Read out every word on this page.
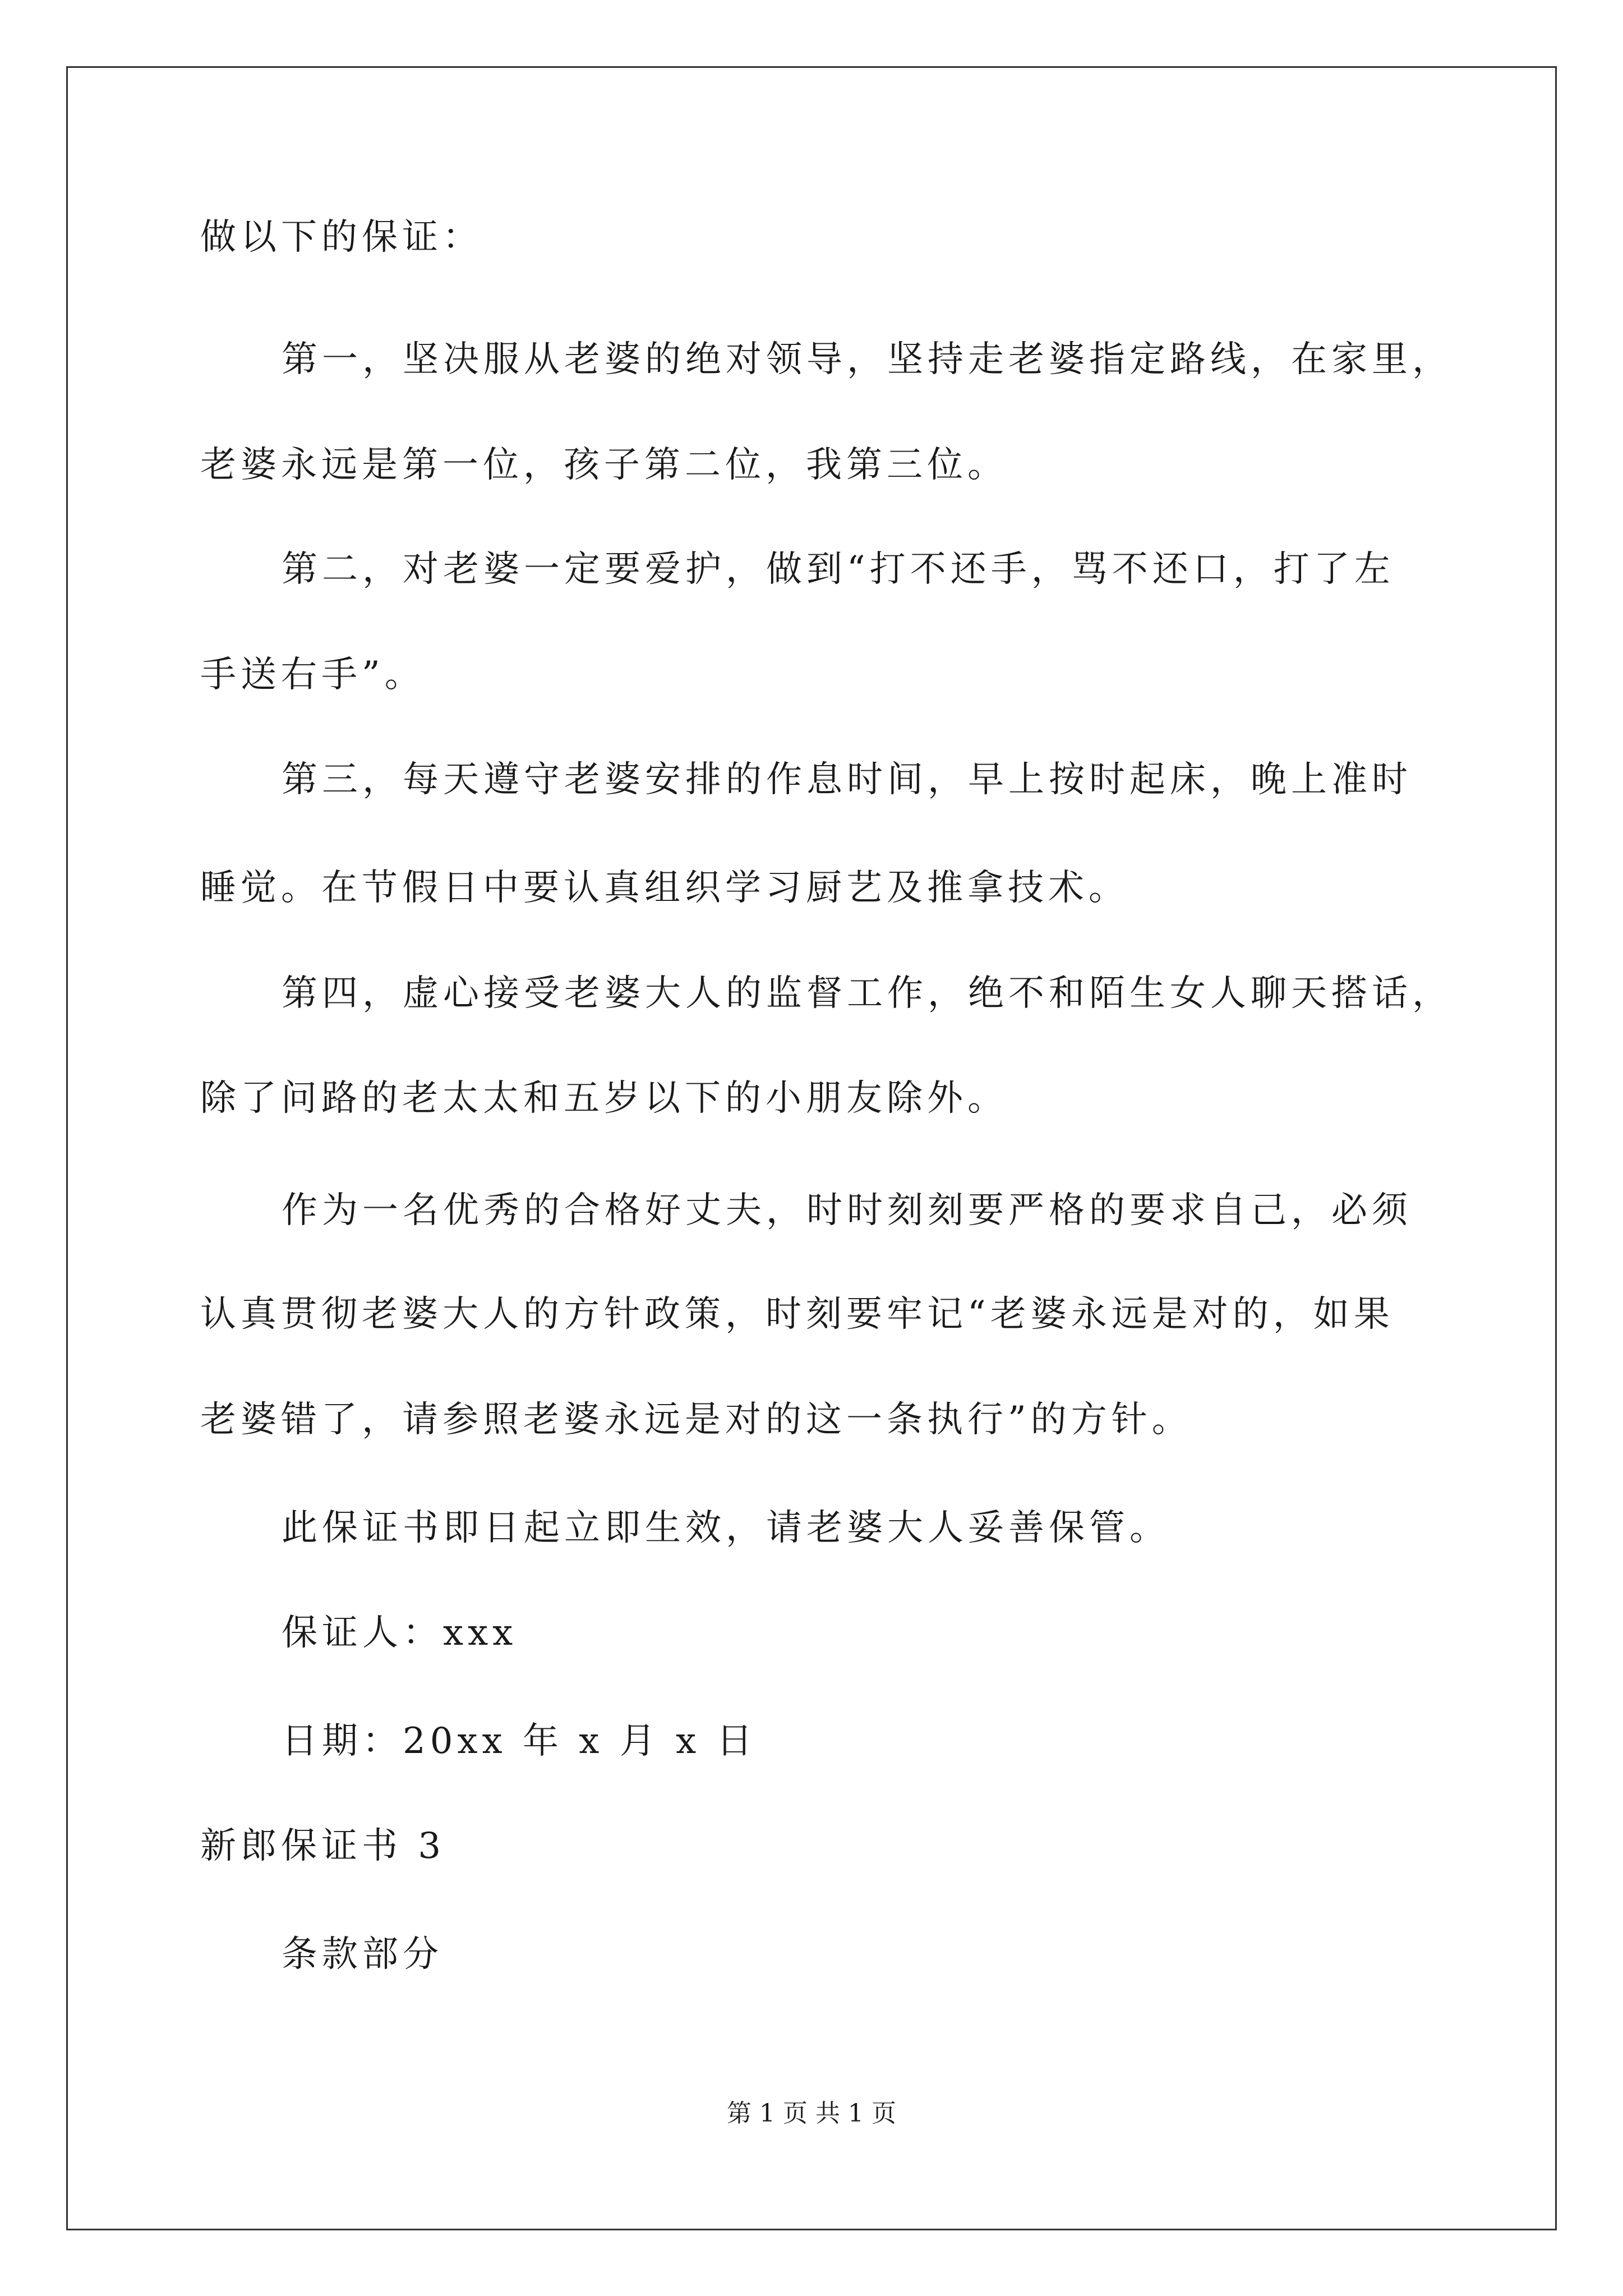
做以下的保证：
第一，坚决服从老婆的绝对领导，坚持走老婆指定路线，在家里，
老婆永远是第一位，孩子第二位，我第三位。
第二，对老婆一定要爱护，做到“打不还手，骂不还口，打了左
手送右手”。
第三，每天遵守老婆安排的作息时间，早上按时起床，晚上准时
睡觉。在节假日中要认真组织学习厨艺及推拿技术。
第四，虚心接受老婆大人的监督工作，绝不和陌生女人聊天搭话，
除了问路的老太太和五岁以下的小朋友除外。
作为一名优秀的合格好丈夫，时时刻刻要严格的要求自己，必须
认真贯彻老婆大人的方针政策，时刻要牢记“老婆永远是对的，如果
老婆错了，请参照老婆永远是对的这一条执行”的方针。
此保证书即日起立即生效，请老婆大人妥善保管。
保证人：xxx
日期：20xx 年 x 月 x 日
新郎保证书 3
条款部分
第 1 页 共 1 页
